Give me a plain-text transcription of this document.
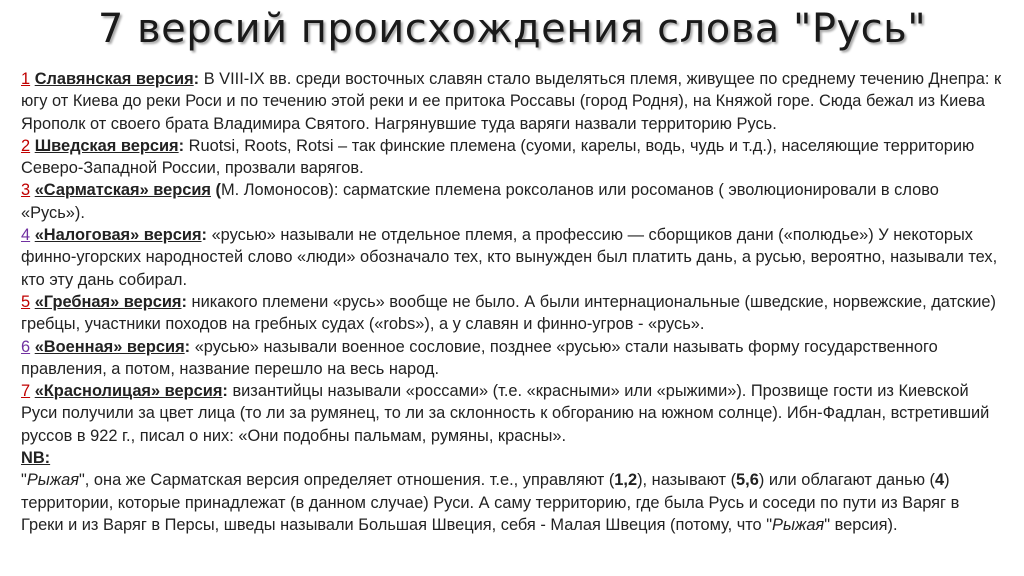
7 версий происхождения слова "Русь"

1 Славянская версия: В VIII-IX вв. среди восточных славян стало выделяться племя, живущее по среднему течению Днепра: к югу от Киева до реки Роси и по течению этой реки и ее притока Россавы (город Родня), на Княжой горе. Сюда бежал из Киева Ярополк от своего брата Владимира Святого. Нагрянувшие туда варяги назвали территорию Русь.

2 Шведская версия: Ruotsi, Roots, Rotsi – так финские племена (суоми, карелы, водь, чудь и т.д.), населяющие территорию Северо-Западной России, прозвали варягов.

3 «Сарматская» версия (М. Ломоносов): сарматские племена роксоланов или росоманов ( эволюционировали в слово «Русь»).

4 «Налоговая» версия: «русью» называли не отдельное племя, а профессию — сборщиков дани («полюдье») У некоторых финно-угорских народностей слово «люди» обозначало тех, кто вынужден был платить дань, а русью, вероятно, называли тех, кто эту дань собирал.

5 «Гребная» версия: никакого племени «русь» вообще не было. А были интернациональные (шведские, норвежские, датские) гребцы, участники походов на гребных судах («robs»), а у славян и финно-угров - «русь».

6 «Военная» версия: «русью» называли военное сословие, позднее «русью» стали называть форму государственного правления, а потом, название перешло на весь народ.

7 «Краснолицая» версия: византийцы называли «россами» (т.е. «красными» или «рыжими»). Прозвище гости из Киевской Руси получили за цвет лица (то ли за румянец, то ли за склонность к обгоранию на южном солнце). Ибн-Фадлан, встретивший руссов в 922 г., писал о них: «Они подобны пальмам, румяны, красны».

NB:

"Рыжая", она же Сарматская версия определяет отношения. т.е., управляют (1,2), называют (5,6) или облагают данью (4) территории, которые принадлежат (в данном случае) Руси. А саму территорию, где была Русь и соседи по пути из Варяг в Греки и из Варяг в Персы, шведы называли Большая Швеция, себя - Малая Швеция (потому, что "Рыжая" версия).
